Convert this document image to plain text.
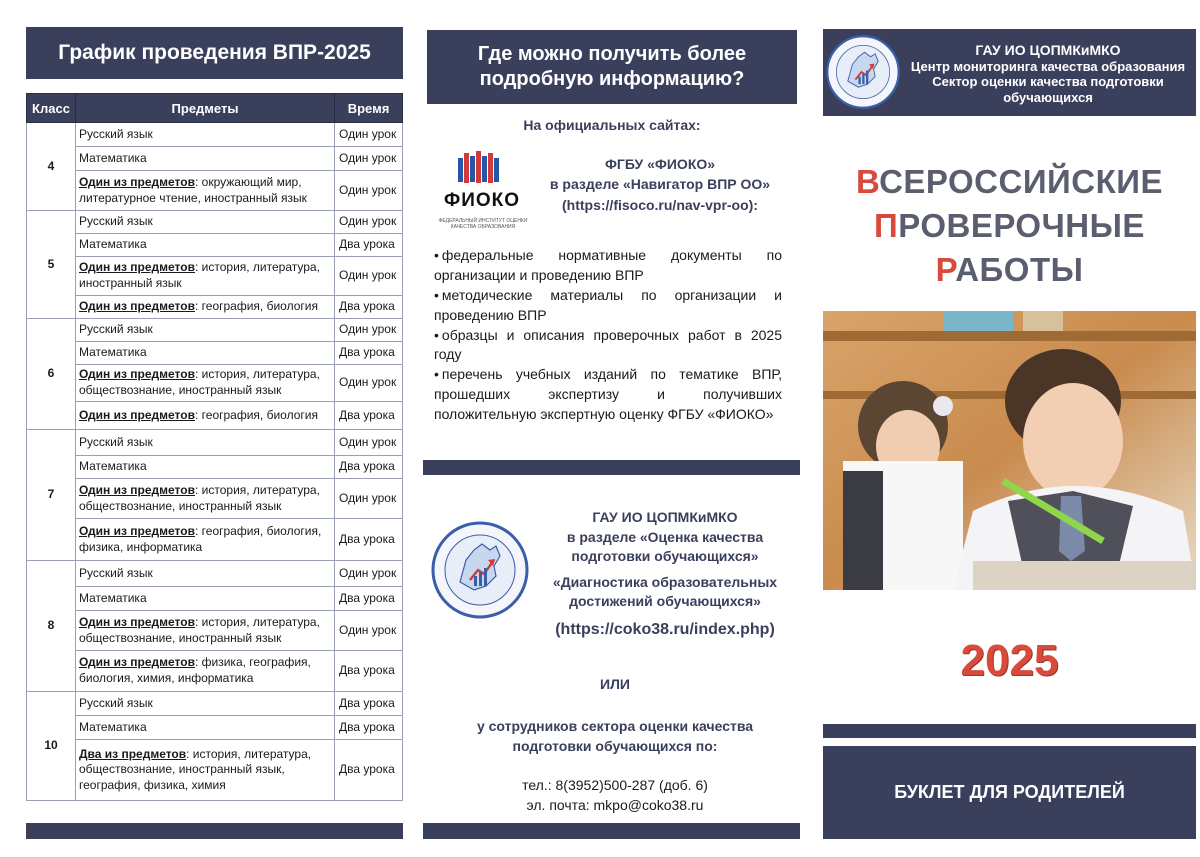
График проведения ВПР-2025
Класс	Предметы	Время
4	Русский язык	Один урок
	Математика	Один урок
	Один из предметов: окружающий мир, литературное чтение, иностранный язык	Один урок
5	Русский язык	Один урок
	Математика	Два урока
	Один из предметов: история, литература, иностранный язык	Один урок
	Один из предметов: география, биология	Два урока
6	Русский язык	Один урок
	Математика	Два урока
	Один из предметов: история, литература, обществознание, иностранный язык	Один урок
	Один из предметов: география, биология	Два урока
7	Русский язык	Один урок
	Математика	Два урока
	Один из предметов: история, литература, обществознание, иностранный язык	Один урок
	Один из предметов: география, биология, физика, информатика	Два урока
8	Русский язык	Один урок
	Математика	Два урока
	Один из предметов: история, литература, обществознание, иностранный язык	Один урок
	Один из предметов: физика, география, биология, химия, информатика	Два урока
10	Русский язык	Два урока
	Математика	Два урока
	Два из предметов: история, литература, обществознание, иностранный язык, география, физика, химия	Два урока
Где можно получить более подробную информацию?
На официальных сайтах:
ФИОКО
ФЕДЕРАЛЬНЫЙ ИНСТИТУТ ОЦЕНКИ КАЧЕСТВА ОБРАЗОВАНИЯ
ФГБУ «ФИОКО»
в разделе «Навигатор ВПР ОО»
(https://fisoco.ru/nav-vpr-oo):
• федеральные нормативные документы по организации и проведению ВПР
• методические материалы по организации и проведению ВПР
• образцы и описания проверочных работ в 2025 году
• перечень учебных изданий по тематике ВПР, прошедших экспертизу и получивших положительную экспертную оценку ФГБУ «ФИОКО»
ГАУ ИО ЦОПМКиМКО
в разделе «Оценка качества подготовки обучающихся»
«Диагностика образовательных достижений обучающихся»
(https://coko38.ru/index.php)
ИЛИ
у сотрудников сектора оценки качества подготовки обучающихся по:
тел.: 8(3952)500-287 (доб. 6)
эл. почта: mkpo@coko38.ru
ГАУ ИО ЦОПМКиМКО
Центр мониторинга качества образования
Сектор оценки качества подготовки
обучающихся
ВСЕРОССИЙСКИЕ
ПРОВЕРОЧНЫЕ
РАБОТЫ
2025
БУКЛЕТ ДЛЯ РОДИТЕЛЕЙ
